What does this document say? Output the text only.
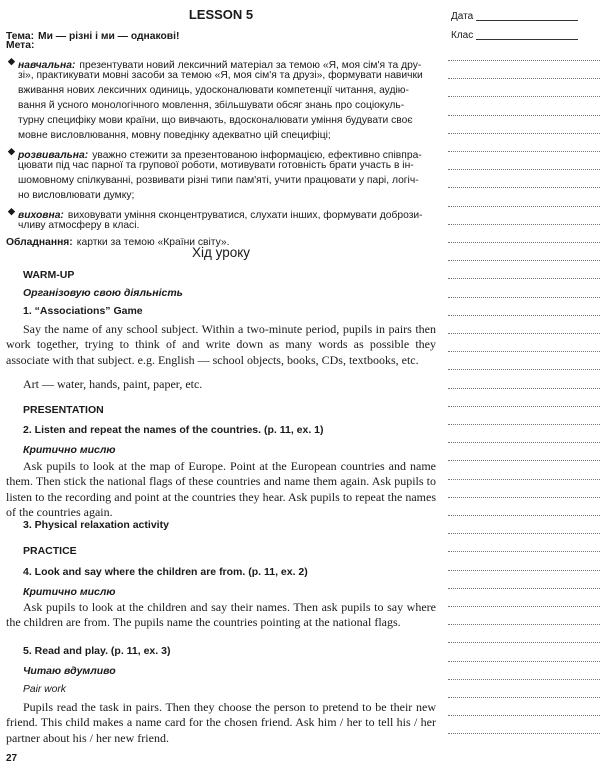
LESSON 5
Тема: Ми — різні і ми — однакові!
Мета:
◆ навчальна: презентувати новий лексичний матеріал за темою «Я, моя сім'я та дру-
зі», практикувати мовні засоби за темою «Я, моя сім'я та друзі», формувати навички
вживання нових лексичних одиниць, удосконалювати компетенції читання, аудію-
вання й усного монологічного мовлення, збільшувати обсяг знань про соціокуль-
турну специфіку мови країни, що вивчають, вдосконалювати уміння будувати своє
мовне висловлювання, мовну поведінку адекватно цій специфіці;
◆ розвивальна: уважно стежити за презентованою інформацією, ефективно співпра-
цювати під час парної та групової роботи, мотивувати готовність брати участь в ін-
шомовному спілкуванні, розвивати різні типи пам'яті, учити працювати у парі, логіч-
но висловлювати думку;
◆ виховна: виховувати уміння сконцентруватися, слухати інших, формувати добрози-
чливу атмосферу в класі.
Обладнання: картки за темою «Країни світу».
Хід уроку
WARM-UP
Організовую свою діяльність
1. “Associations” Game

Say the name of any school subject. Within a two-minute period, pupils in pairs then work together, trying to think of and write down as many words as possible they associate with that subject. e.g. English — school objects, books, CDs, textbooks, etc.

Art — water, hands, paint, paper, etc.

PRESENTATION
2. Listen and repeat the names of the countries. (p. 11, ex. 1)
Критично мислю

Ask pupils to look at the map of Europe. Point at the European countries and name them. Then stick the national flags of these countries and name them again. Ask pupils to listen to the recording and point at the countries they hear. Ask pupils to repeat the names of the countries again.

3. Physical relaxation activity
PRACTICE
4. Look and say where the children are from. (p. 11, ex. 2)
Критично мислю

Ask pupils to look at the children and say their names. Then ask pupils to say where the children are from. The pupils name the countries pointing at the national flags.

5. Read and play. (p. 11, ex. 3)
Читаю вдумливо
Pair work

Pupils read the task in pairs. Then they choose the person to pretend to be their new friend. This child makes a name card for the chosen friend. Ask him / her to tell his / her partner about his / her new friend.

27
Дата
Клас
